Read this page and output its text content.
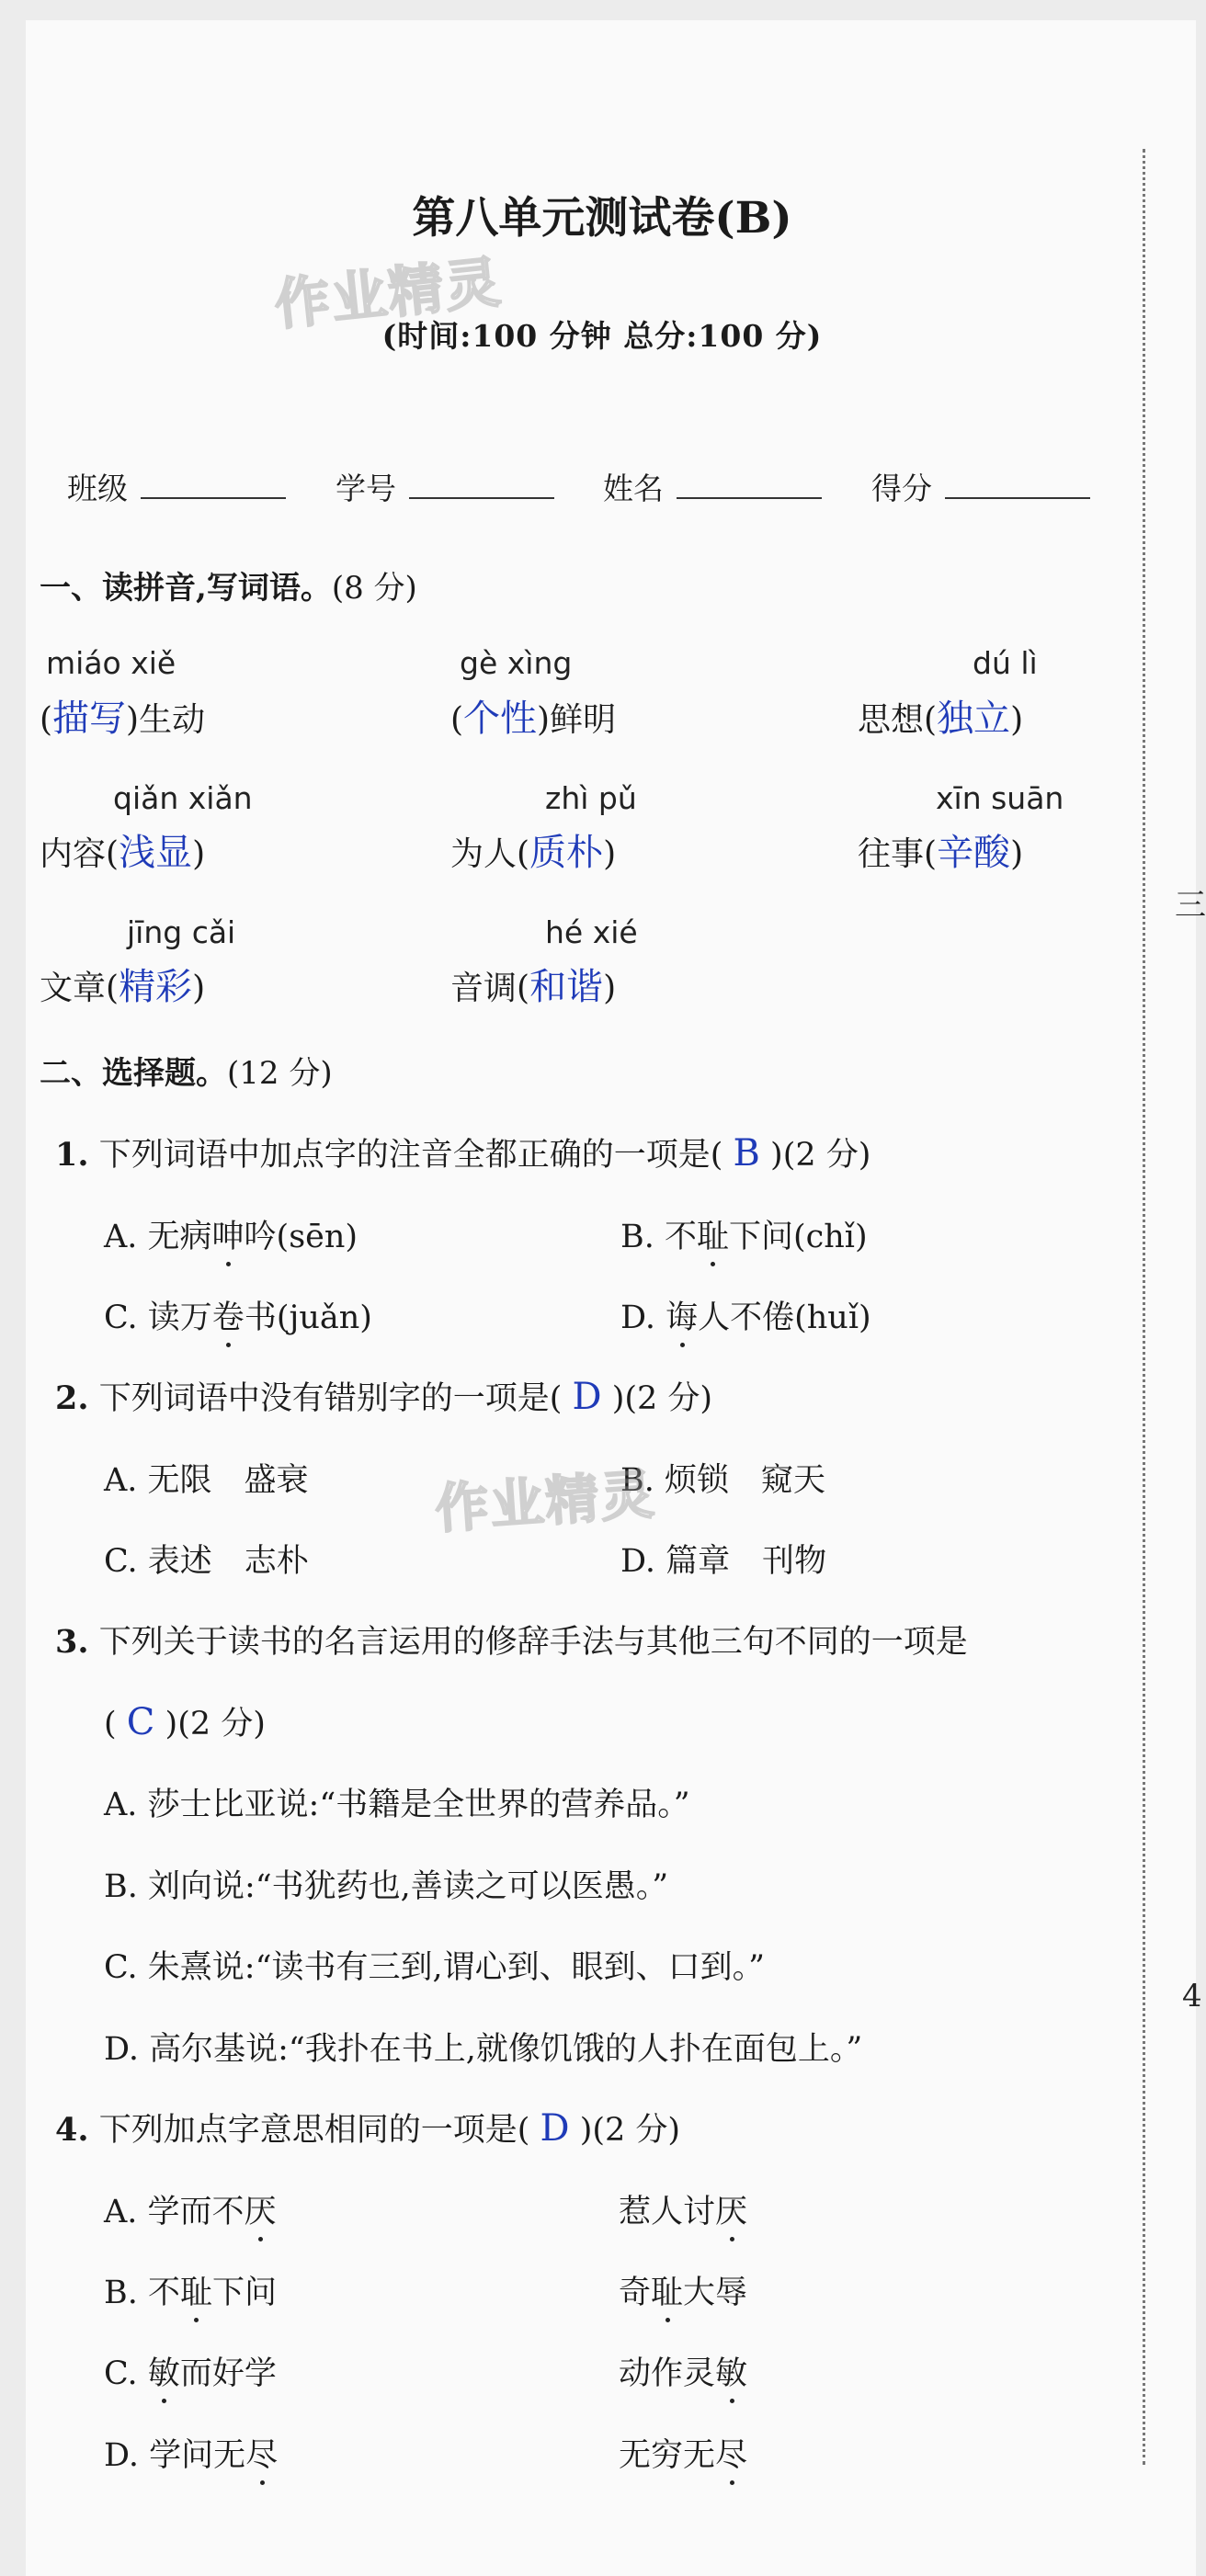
第八单元测试卷(B)
作业精灵
(时间:100 分钟 总分:100 分)
班级	学号	姓名	得分
一、读拼音,写词语。(8 分)
miáo xiě
(描写)生动
gè xìng
(个性)鲜明
dú lì
思想(独立)
qiǎn xiǎn
内容(浅显)
zhì pǔ
为人(质朴)
xīn suān
往事(辛酸)
jīng cǎi
文章(精彩)
hé xié
音调(和谐)
二、选择题。(12 分)
1. 下列词语中加点字的注音全都正确的一项是( B )(2 分)
A. 无病呻吟(sēn)	B. 不耻下问(chǐ)
C. 读万卷书(juǎn)	D. 诲人不倦(huǐ)
2. 下列词语中没有错别字的一项是( D )(2 分)
A. 无限　盛衰	B. 烦锁　窥天
作业精灵
C. 表述　志朴	D. 篇章　刊物
3. 下列关于读书的名言运用的修辞手法与其他三句不同的一项是
( C )(2 分)
A. 莎士比亚说:“书籍是全世界的营养品。”
B. 刘向说:“书犹药也,善读之可以医愚。”
C. 朱熹说:“读书有三到,谓心到、眼到、口到。”
D. 高尔基说:“我扑在书上,就像饥饿的人扑在面包上。”
4. 下列加点字意思相同的一项是( D )(2 分)
A. 学而不厌	惹人讨厌
B. 不耻下问	奇耻大辱
C. 敏而好学	动作灵敏
D. 学问无尽	无穷无尽
三
4
